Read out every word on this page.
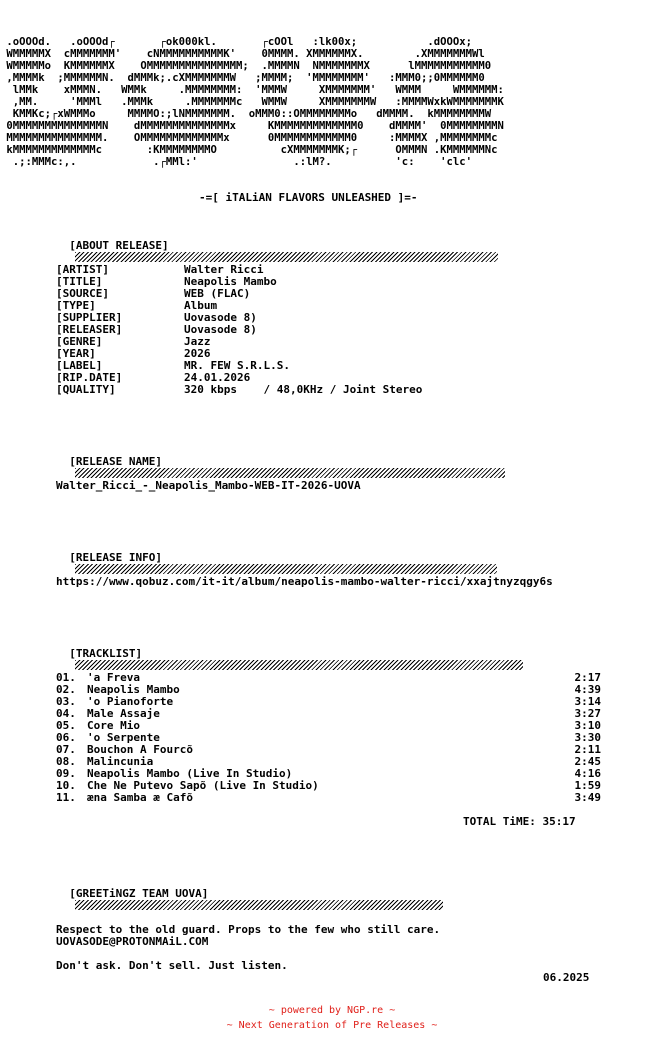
.oOOOd.   .oOOOd┌       ┌ok000kl.       ┌cOOl   :lk00x;           .dOOOx;
WMMMMMX  cMMMMMMM'    cNMMMMMMMMMMK'    0MMMM. XMMMMMMX.        .XMMMMMMMWl
WMMMMMo  KMMMMMMX    OMMMMMMMMMMMMMMM;  .MMMMN  NMMMMMMMX      lMMMMMMMMMMM0
,MMMMk  ;MMMMMMN.  dMMMk;.cXMMMMMMMW   ;MMMM;  'MMMMMMMM'   :MMM0;;0MMMMMM0
lMMk    xMMMN.   WMMk     .MMMMMMMM:  'MMMW     XMMMMMMM'   WMMM     WMMMMMM:
,MM.     'MMMl   .MMMk     .MMMMMMMc   WMMW     XMMMMMMMW   :MMMMWxkWMMMMMMMK
KMMKc;┌xWMMMo     MMMMO:;lNMMMMMMM.  oMMM0::OMMMMMMMMo   dMMMM.  kMMMMMMMMW
0MMMMMMMMMMMMMMN    dMMMMMMMMMMMMMMx     KMMMMMMMMMMMMM0    dMMMM'  0MMMMMMMMN
MMMMMMMMMMMMMMM.    OMMMMMMMMMMMMMx      0MMMMMMMMMMMM0     :MMMMX ,MMMMMMMMc
kMMMMMMMMMMMMMc       :KMMMMMMMMO          cXMMMMMMMK;┌      OMMMN .KMMMMMMNc
.;:MMMc:,.            .┌MMl:'               .:lM?.          'c:    'clc'
-=[ iTALiAN FLAVORS UNLEASHED ]=-

[ABOUT RELEASE]

[ARTIST]	Walter Ricci
[TITLE]	Neapolis Mambo
[SOURCE]	WEB (FLAC)
[TYPE]	Album
[SUPPLIER]	Uovasode 8)
[RELEASER]	Uovasode 8)
[GENRE]	Jazz
[YEAR]	2026
[LABEL]	MR. FEW S.R.L.S.
[RIP.DATE]	24.01.2026
[QUALITY]	320 kbps    / 48,0KHz / Joint Stereo

[RELEASE NAME]

Walter_Ricci_-_Neapolis_Mambo-WEB-IT-2026-UOVA

[RELEASE INFO]

https://www.qobuz.com/it-it/album/neapolis-mambo-walter-ricci/xxajtnyzqgy6s

[TRACKLIST]

01. 'a Freva	2:17
02. Neapolis Mambo	4:39
03. 'o Pianoforte	3:14
04. Male Assaje	3:27
05. Core Mio	3:10
06. 'o Serpente	3:30
07. Bouchon A Fourcõ	2:11
08. Malincunia	2:45
09. Neapolis Mambo (Live In Studio)	4:16
10. Che Ne Putevo Sapõ (Live In Studio)	1:59
11. æna Samba æ Cafõ	3:49
TOTAL TiME: 35:17

[GREETiNGZ TEAM UOVA]

Respect to the old guard. Props to the few who still care.

Don't ask. Don't sell. Just listen.

UOVASODE@PROTONMAiL.COM
06.2025
~ powered by NGP.re ~
~ Next Generation of Pre Releases ~
